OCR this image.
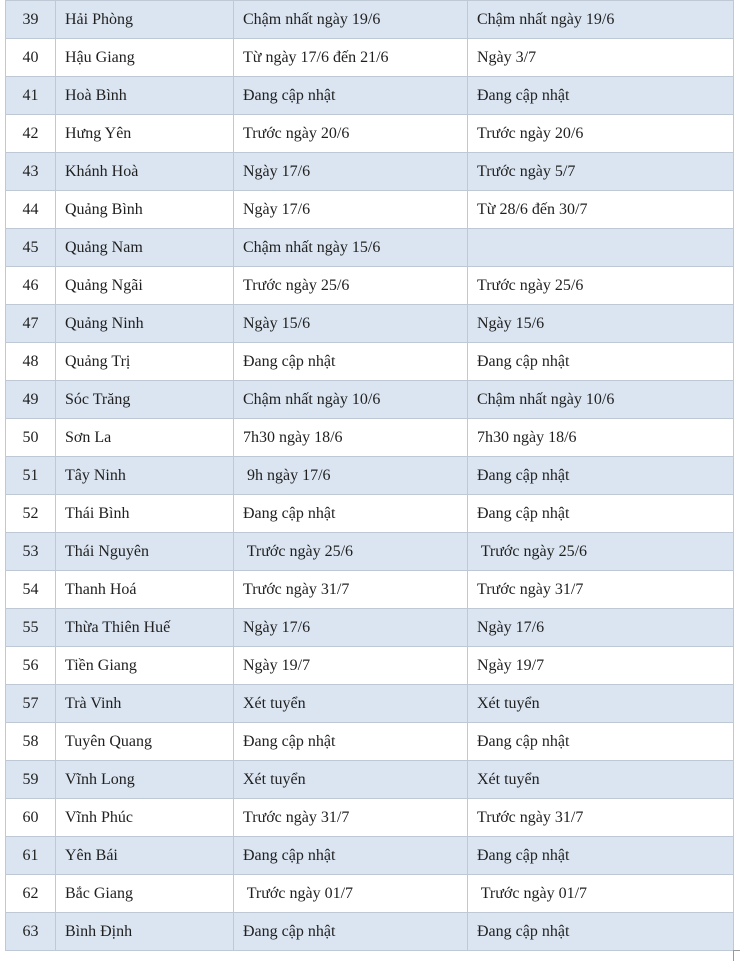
39	Hải Phòng	Chậm nhất ngày 19/6	Chậm nhất ngày 19/6
40	Hậu Giang	Từ ngày 17/6 đến 21/6	Ngày 3/7
41	Hoà Bình	Đang cập nhật	Đang cập nhật
42	Hưng Yên	Trước ngày 20/6	Trước ngày 20/6
43	Khánh Hoà	Ngày 17/6	Trước ngày 5/7
44	Quảng Bình	Ngày 17/6	Từ 28/6 đến 30/7
45	Quảng Nam	Chậm nhất ngày 15/6	
46	Quảng Ngãi	Trước ngày 25/6	Trước ngày 25/6
47	Quảng Ninh	Ngày 15/6	Ngày 15/6
48	Quảng Trị	Đang cập nhật	Đang cập nhật
49	Sóc Trăng	Chậm nhất ngày 10/6	Chậm nhất ngày 10/6
50	Sơn La	7h30 ngày 18/6	7h30 ngày 18/6
51	Tây Ninh	9h ngày 17/6	Đang cập nhật
52	Thái Bình	Đang cập nhật	Đang cập nhật
53	Thái Nguyên	Trước ngày 25/6	Trước ngày 25/6
54	Thanh Hoá	Trước ngày 31/7	Trước ngày 31/7
55	Thừa Thiên Huế	Ngày 17/6	Ngày 17/6
56	Tiền Giang	Ngày 19/7	Ngày 19/7
57	Trà Vinh	Xét tuyển	Xét tuyển
58	Tuyên Quang	Đang cập nhật	Đang cập nhật
59	Vĩnh Long	Xét tuyển	Xét tuyển
60	Vĩnh Phúc	Trước ngày 31/7	Trước ngày 31/7
61	Yên Bái	Đang cập nhật	Đang cập nhật
62	Bắc Giang	Trước ngày 01/7	Trước ngày 01/7
63	Bình Định	Đang cập nhật	Đang cập nhật
